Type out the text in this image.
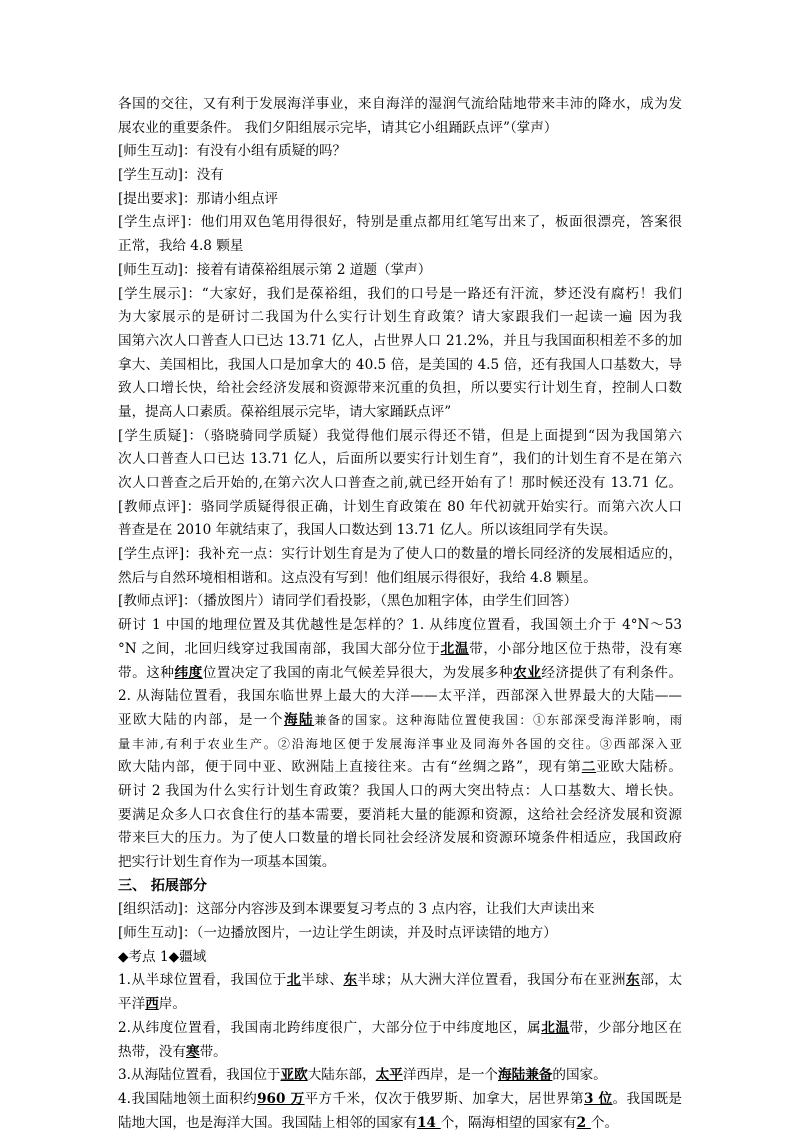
各国的交往，又有利于发展海洋事业，来自海洋的湿润气流给陆地带来丰沛的降水，成为发
展农业的重要条件。 我们夕阳组展示完毕，请其它小组踊跃点评”（掌声）
[师生互动]：有没有小组有质疑的吗？
[学生互动]：没有
[提出要求]：那请小组点评
[学生点评]：他们用双色笔用得很好，特别是重点都用红笔写出来了，板面很漂亮，答案很
正常，我给 4.8 颗星
[师生互动]：接着有请葆裕组展示第 2 道题（掌声）
[学生展示]：“大家好，我们是葆裕组，我们的口号是一路还有汗流，梦还没有腐朽！我们
为大家展示的是研讨二我国为什么实行计划生育政策？请大家跟我们一起读一遍 因为我
国第六次人口普查人口已达 13.71 亿人，占世界人口 21.2%，并且与我国面积相差不多的加
拿大、美国相比，我国人口是加拿大的 40.5 倍，是美国的 4.5 倍，还有我国人口基数大，导
致人口增长快，给社会经济发展和资源带来沉重的负担，所以要实行计划生育，控制人口数
量，提高人口素质。葆裕组展示完毕，请大家踊跃点评”
[学生质疑]：（骆晓骑同学质疑）我觉得他们展示得还不错，但是上面提到“因为我国第六
次人口普查人口已达 13.71 亿人，后面所以要实行计划生育”，我们的计划生育不是在第六
次人口普查之后开始的,在第六次人口普查之前,就已经开始有了！那时候还没有 13.71 亿。
[教师点评]：骆同学质疑得很正确，计划生育政策在 80 年代初就开始实行。而第六次人口
普查是在 2010 年就结束了，我国人口数达到 13.71 亿人。所以该组同学有失误。
[学生点评]：我补充一点：实行计划生育是为了使人口的数量的增长同经济的发展相适应的，
然后与自然环境相相谐和。这点没有写到！他们组展示得很好，我给 4.8 颗星。
[教师点评]：（播放图片）请同学们看投影，（黑色加粗字体，由学生们回答）
研讨 1 中国的地理位置及其优越性是怎样的？1. 从纬度位置看，我国领土介于 4°N～53
°N 之间，北回归线穿过我国南部，我国大部分位于北温带，小部分地区位于热带，没有寒
带。这种纬度位置决定了我国的南北气候差异很大，为发展多种农业经济提供了有利条件。
2. 从海陆位置看，我国东临世界上最大的大洋——太平洋，西部深入世界最大的大陆——
亚欧大陆的内部，是一个海陆兼备的国家。这种海陆位置使我国：①东部深受海洋影响，雨
量丰沛,有利于农业生产。②沿海地区便于发展海洋事业及同海外各国的交往。③西部深入亚
欧大陆内部，便于同中亚、欧洲陆上直接往来。古有“丝绸之路”，现有第二亚欧大陆桥。
研讨 2 我国为什么实行计划生育政策？我国人口的两大突出特点：人口基数大、增长快。
要满足众多人口衣食住行的基本需要，要消耗大量的能源和资源，这给社会经济发展和资源
带来巨大的压力。为了使人口数量的增长同社会经济发展和资源环境条件相适应，我国政府
把实行计划生育作为一项基本国策。
三、 拓展部分
[组织活动]：这部分内容涉及到本课要复习考点的 3 点内容，让我们大声读出来
[师生互动]：（一边播放图片，一边让学生朗读，并及时点评读错的地方）
◆考点 1◆疆域
1.从半球位置看，我国位于北半球、东半球；从大洲大洋位置看，我国分布在亚洲东部，太
平洋西岸。
2.从纬度位置看，我国南北跨纬度很广，大部分位于中纬度地区，属北温带，少部分地区在
热带，没有寒带。
3.从海陆位置看，我国位于亚欧大陆东部，太平洋西岸，是一个海陆兼备的国家。
4.我国陆地领土面积约960 万平方千米，仅次于俄罗斯、加拿大，居世界第3 位。我国既是
陆地大国，也是海洋大国。我国陆上相邻的国家有14 个，隔海相望的国家有2 个。
